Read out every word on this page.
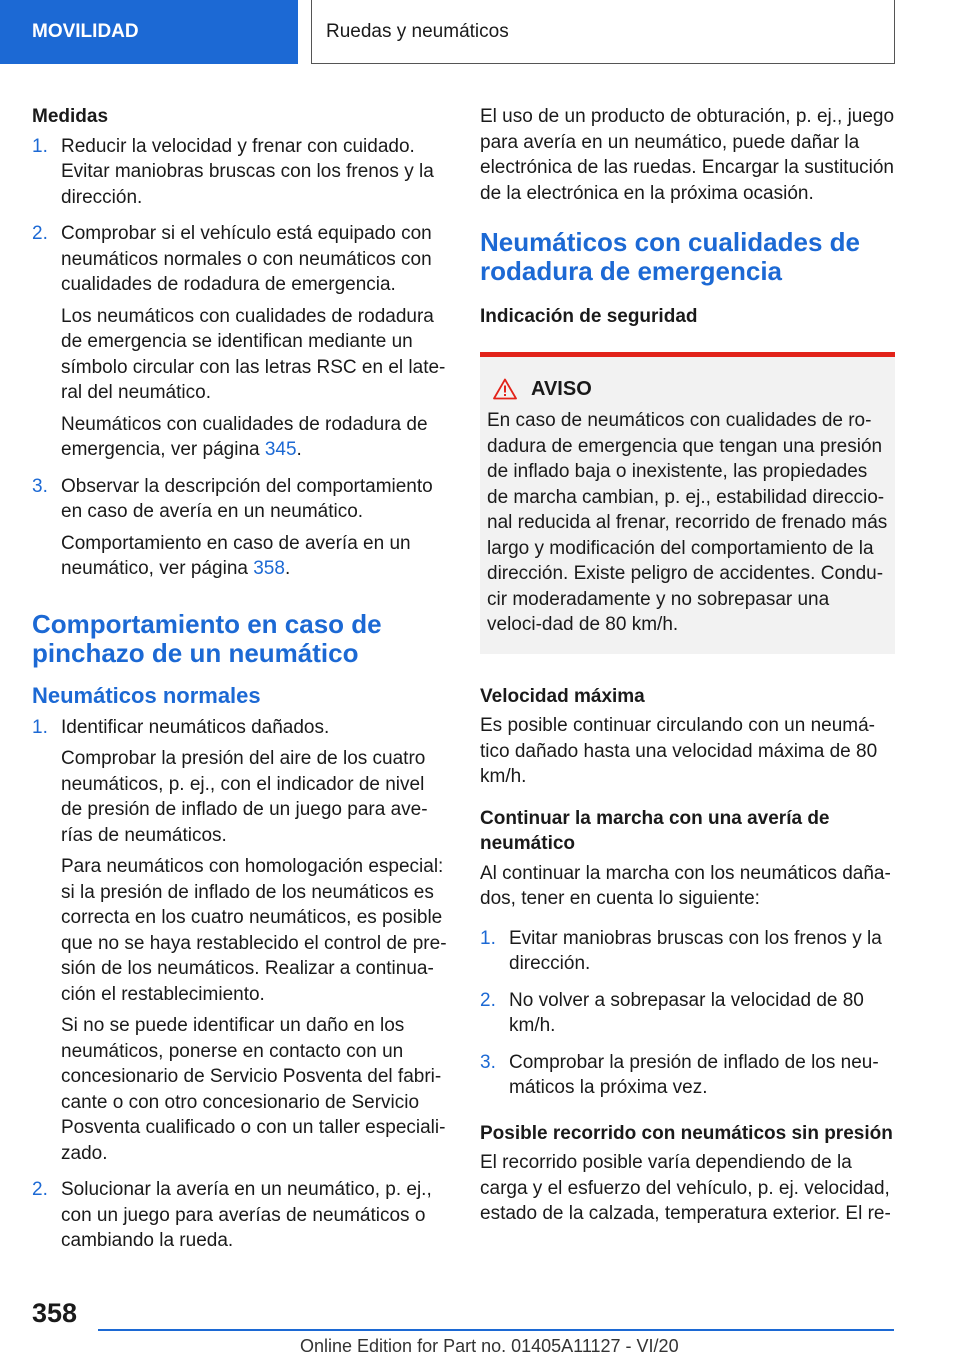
MOVILIDAD	Ruedas y neumáticos
Medidas
1. Reducir la velocidad y frenar con cuidado. Evitar maniobras bruscas con los frenos y la dirección.

2. Comprobar si el vehículo está equipado con neumáticos normales o con neumáticos con cualidades de rodadura de emergencia.

Los neumáticos con cualidades de rodadura de emergencia se identifican mediante un símbolo circular con las letras RSC en el late-ral del neumático.

Neumáticos con cualidades de rodadura de emergencia, ver página 345.

3. Observar la descripción del comportamiento en caso de avería en un neumático.

Comportamiento en caso de avería en un neumático, ver página 358.

Comportamiento en caso de pinchazo de un neumático
Neumáticos normales
1. Identificar neumáticos dañados.

Comprobar la presión del aire de los cuatro neumáticos, p. ej., con el indicador de nivel de presión de inflado de un juego para ave-rías de neumáticos.

Para neumáticos con homologación especial: si la presión de inflado de los neumáticos es correcta en los cuatro neumáticos, es posible que no se haya restablecido el control de pre-sión de los neumáticos. Realizar a continua-ción el restablecimiento.

Si no se puede identificar un daño en los neumáticos, ponerse en contacto con un concesionario de Servicio Posventa del fabri-cante o con otro concesionario de Servicio Posventa cualificado o con un taller especiali-zado.

2. Solucionar la avería en un neumático, p. ej., con un juego para averías de neumáticos o cambiando la rueda.

El uso de un producto de obturación, p. ej., juego para avería en un neumático, puede dañar la electrónica de las ruedas. Encargar la sustitución de la electrónica en la próxima ocasión.

Neumáticos con cualidades de rodadura de emergencia
Indicación de seguridad
AVISO
En caso de neumáticos con cualidades de ro-dadura de emergencia que tengan una presión de inflado baja o inexistente, las propiedades de marcha cambian, p. ej., estabilidad direccio-nal reducida al frenar, recorrido de frenado más largo y modificación del comportamiento de la dirección. Existe peligro de accidentes. Condu-cir moderadamente y no sobrepasar una veloci-dad de 80 km/h.
Velocidad máxima

Es posible continuar circulando con un neumá-tico dañado hasta una velocidad máxima de 80 km/h.

Continuar la marcha con una avería de neumático

Al continuar la marcha con los neumáticos daña-dos, tener en cuenta lo siguiente:

1. Evitar maniobras bruscas con los frenos y la dirección.

2. No volver a sobrepasar la velocidad de 80 km/h.

3. Comprobar la presión de inflado de los neu-máticos la próxima vez.

Posible recorrido con neumáticos sin presión

El recorrido posible varía dependiendo de la carga y el esfuerzo del vehículo, p. ej. velocidad, estado de la calzada, temperatura exterior. El re-

358
Online Edition for Part no. 01405A11127 - VI/20
